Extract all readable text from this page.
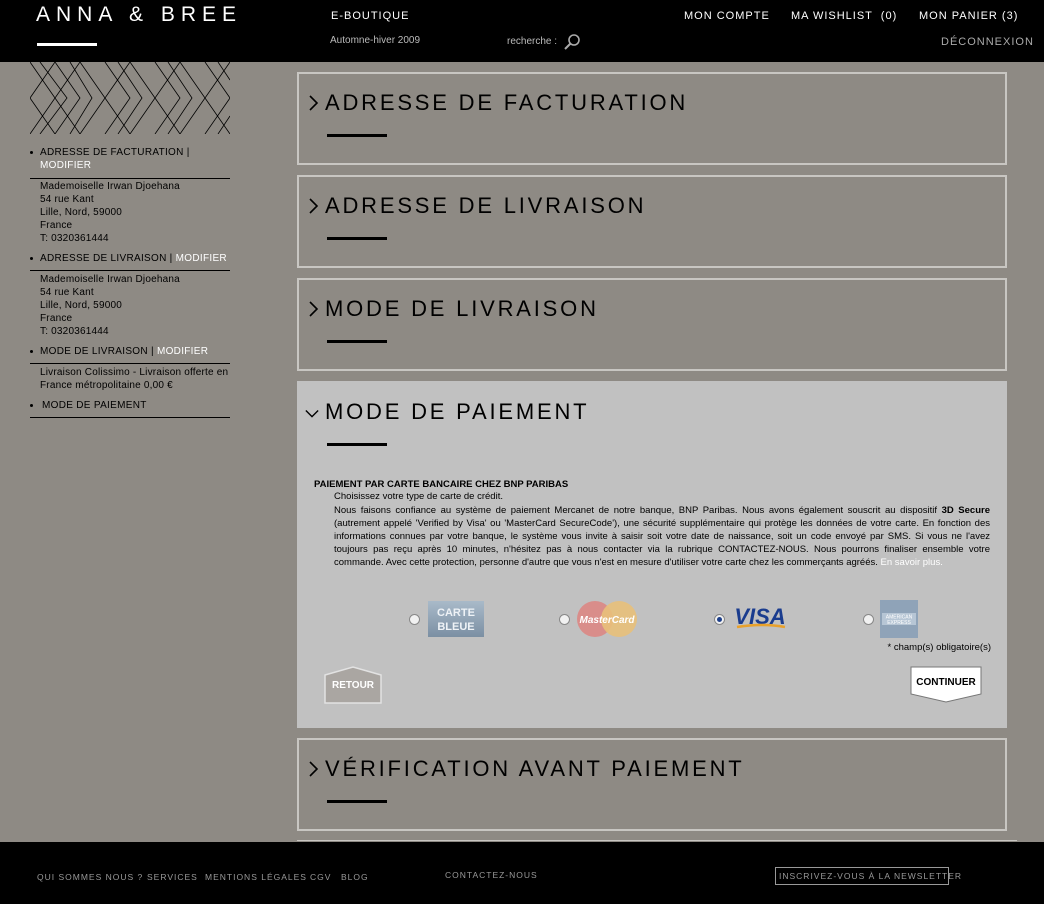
ANNA & BREE	E-BOUTIQUE
Automne-hiver 2009	recherche :
MON COMPTE MA WISHLIST  (0) MON PANIER (3)
DÉCONNEXION
ADRESSE DE FACTURATION |
MODIFIER
Mademoiselle Irwan Djoehana
54 rue Kant
Lille, Nord, 59000
France
T: 0320361444
ADRESSE DE LIVRAISON | MODIFIER
Mademoiselle Irwan Djoehana
54 rue Kant
Lille, Nord, 59000
France
T: 0320361444
MODE DE LIVRAISON | MODIFIER
Livraison Colissimo - Livraison offerte en
France métropolitaine 0,00 €
MODE DE PAIEMENT
ADRESSE DE FACTURATION
ADRESSE DE LIVRAISON
MODE DE LIVRAISON
MODE DE PAIEMENT
PAIEMENT PAR CARTE BANCAIRE CHEZ BNP PARIBAS
Choisissez votre type de carte de crédit.
Nous faisons confiance au système de paiement Mercanet de notre banque, BNP Paribas. Nous avons également souscrit au dispositif 3D Secure (autrement appelé 'Verified by Visa' ou 'MasterCard SecureCode'), une sécurité supplémentaire qui protège les données de votre carte. En fonction des informations connues par votre banque, le système vous invite à saisir soit votre date de naissance, soit un code envoyé par SMS. Si vous ne l'avez toujours pas reçu après 10 minutes, n'hésitez pas à nous contacter via la rubrique CONTACTEZ-NOUS. Nous pourrons finaliser ensemble votre commande. Avec cette protection, personne d'autre que vous n'est en mesure d'utiliser votre carte chez les commerçants agréés. En savoir plus.
CARTE
BLEUE
MasterCard	VISA	AMERICAN
EXPRESS
* champ(s) obligatoire(s)
RETOUR	CONTINUER
VÉRIFICATION AVANT PAIEMENT
QUI SOMMES NOUS ? SERVICES MENTIONS LÉGALES CGV BLOG	CONTACTEZ-NOUS	INSCRIVEZ-VOUS À LA NEWSLETTER
